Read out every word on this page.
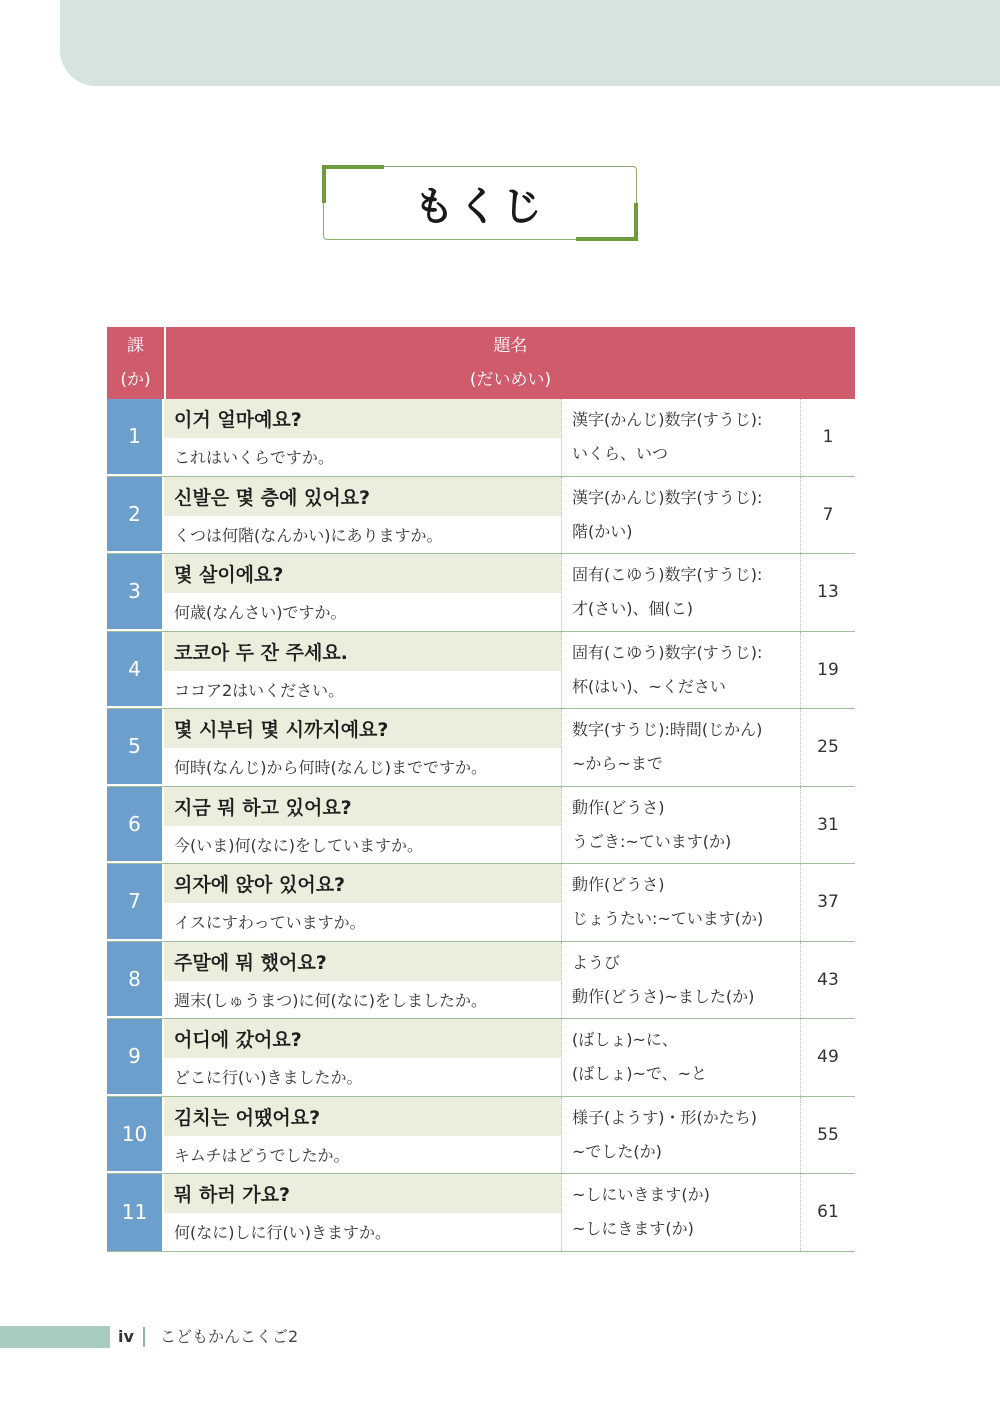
もくじ
課
(か)
題名
(だいめい)
1
이거 얼마예요?
これはいくらですか。
漢字(かんじ)数字(すうじ):
いくら、いつ
1
2
신발은 몇 층에 있어요?
くつは何階(なんかい)にありますか。
漢字(かんじ)数字(すうじ):
階(かい)
7
3
몇 살이에요?
何歳(なんさい)ですか。
固有(こゆう)数字(すうじ):
才(さい)、個(こ)
13
4
코코아 두 잔 주세요.
ココア2はいください。
固有(こゆう)数字(すうじ):
杯(はい)、~ください
19
5
몇 시부터 몇 시까지예요?
何時(なんじ)から何時(なんじ)までですか。
数字(すうじ):時間(じかん)
~から~まで
25
6
지금 뭐 하고 있어요?
今(いま)何(なに)をしていますか。
動作(どうさ)
うごき:~ています(か)
31
7
의자에 앉아 있어요?
イスにすわっていますか。
動作(どうさ)
じょうたい:~ています(か)
37
8
주말에 뭐 했어요?
週末(しゅうまつ)に何(なに)をしましたか。
ようび
動作(どうさ)~ました(か)
43
9
어디에 갔어요?
どこに行(い)きましたか。
(ばしょ)~に、
(ばしょ)~で、~と
49
10
김치는 어땠어요?
キムチはどうでしたか。
様子(ようす)・形(かたち)
~でした(か)
55
11
뭐 하러 가요?
何(なに)しに行(い)きますか。
~しにいきます(か)
~しにきます(か)
61
iv こどもかんこくご2
